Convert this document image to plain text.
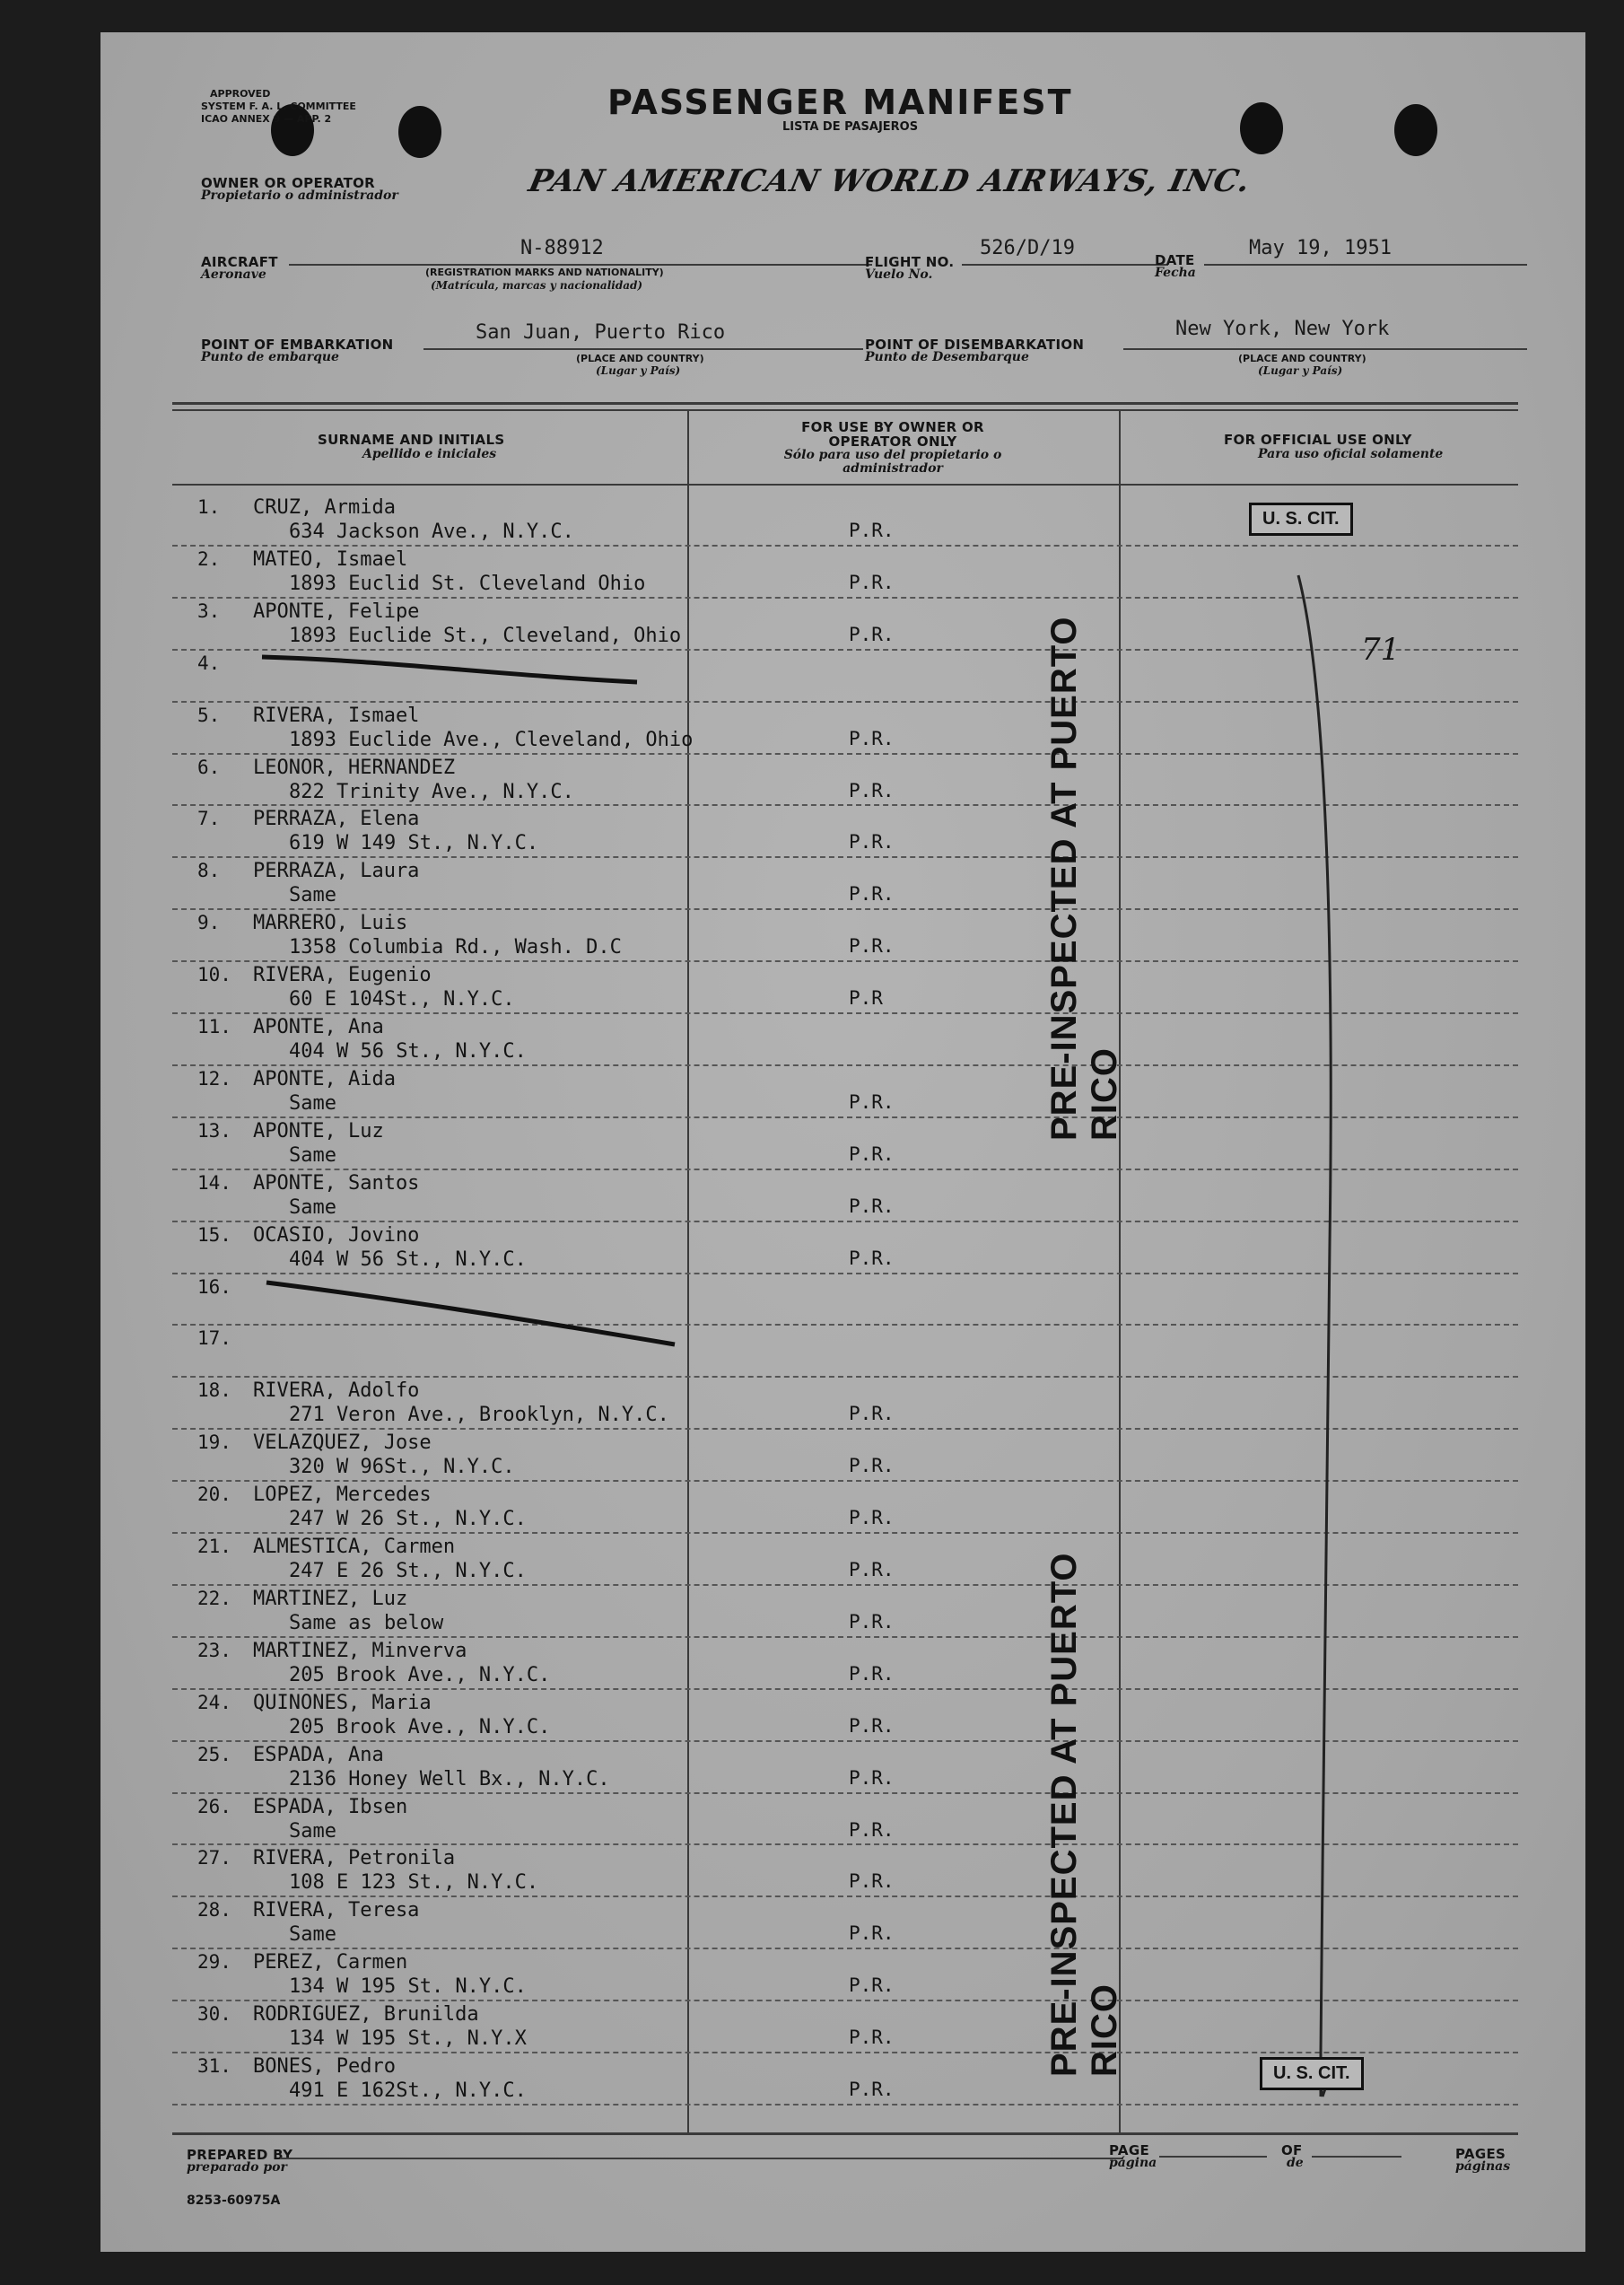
APPROVED
SYSTEM F. A. L. COMMITTEE
ICAO ANNEX 9 — APP. 2	PASSENGER MANIFEST
LISTA DE PASAJEROS
OWNER OR OPERATOR
Propietario o administrador	PAN AMERICAN WORLD AIRWAYS, INC.
AIRCRAFT
Aeronave
N-88912
(REGISTRATION MARKS AND NATIONALITY)
(Matrícula, marcas y nacionalidad)
FLIGHT NO.
Vuelo No.
526/D/19
DATE
Fecha
May 19, 1951
POINT OF EMBARKATION
Punto de embarque
San Juan, Puerto Rico
(PLACE AND COUNTRY)
(Lugar y País)
POINT OF DISEMBARKATION
Punto de Desembarque
New York, New York
(PLACE AND COUNTRY)
(Lugar y País)
SURNAME AND INITIALS
Apellido e iniciales
FOR USE BY OWNER OR OPERATOR ONLY
Sólo para uso del propietario o administrador
FOR OFFICIAL USE ONLY
Para uso oficial solamente
1.	CRUZ, Armida
634 Jackson Ave., N.Y.C.	P.R.
2.	MATEO, Ismael
1893 Euclid St. Cleveland Ohio	P.R.
3.	APONTE, Felipe
1893 Euclide St., Cleveland, Ohio	P.R.
4.
5.	RIVERA, Ismael
1893 Euclide Ave., Cleveland, Ohio	P.R.
6.	LEONOR, HERNANDEZ
822 Trinity Ave., N.Y.C.	P.R.
7.	PERRAZA, Elena
619 W 149 St., N.Y.C.	P.R.
8.	PERRAZA, Laura
Same	P.R.
9.	MARRERO, Luis
1358 Columbia Rd., Wash. D.C	P.R.
10.	RIVERA, Eugenio
60 E 104St., N.Y.C.	P.R
11.	APONTE, Ana
404 W 56 St., N.Y.C.
12.	APONTE, Aida
Same	P.R.
13.	APONTE, Luz
Same	P.R.
14.	APONTE, Santos
Same	P.R.
15.	OCASIO, Jovino
404 W 56 St., N.Y.C.	P.R.
16.
17.
18.	RIVERA, Adolfo
271 Veron Ave., Brooklyn, N.Y.C.	P.R.
19.	VELAZQUEZ, Jose
320 W 96St., N.Y.C.	P.R.
20.	LOPEZ, Mercedes
247 W 26 St., N.Y.C.	P.R.
21.	ALMESTICA, Carmen
247 E 26 St., N.Y.C.	P.R.
22.	MARTINEZ, Luz
Same as below	P.R.
23.	MARTINEZ, Minverva
205 Brook Ave., N.Y.C.	P.R.
24.	QUINONES, Maria
205 Brook Ave., N.Y.C.	P.R.
25.	ESPADA, Ana
2136 Honey Well Bx., N.Y.C.	P.R.
26.	ESPADA, Ibsen
Same	P.R.
27.	RIVERA, Petronila
108 E 123 St., N.Y.C.	P.R.
28.	RIVERA, Teresa
Same	P.R.
29.	PEREZ, Carmen
134 W 195 St. N.Y.C.	P.R.
30.	RODRIGUEZ, Brunilda
134 W 195 St., N.Y.X	P.R.
31.	BONES, Pedro
491 E 162St., N.Y.C.	P.R.
U. S. CIT.
U. S. CIT.
71
PRE-INSPECTED AT PUERTO RICO
PRE-INSPECTED AT PUERTO RICO
PREPARED BY
preparado por
PAGE
página
OF
de
PAGES
páginas
8253-60975A
